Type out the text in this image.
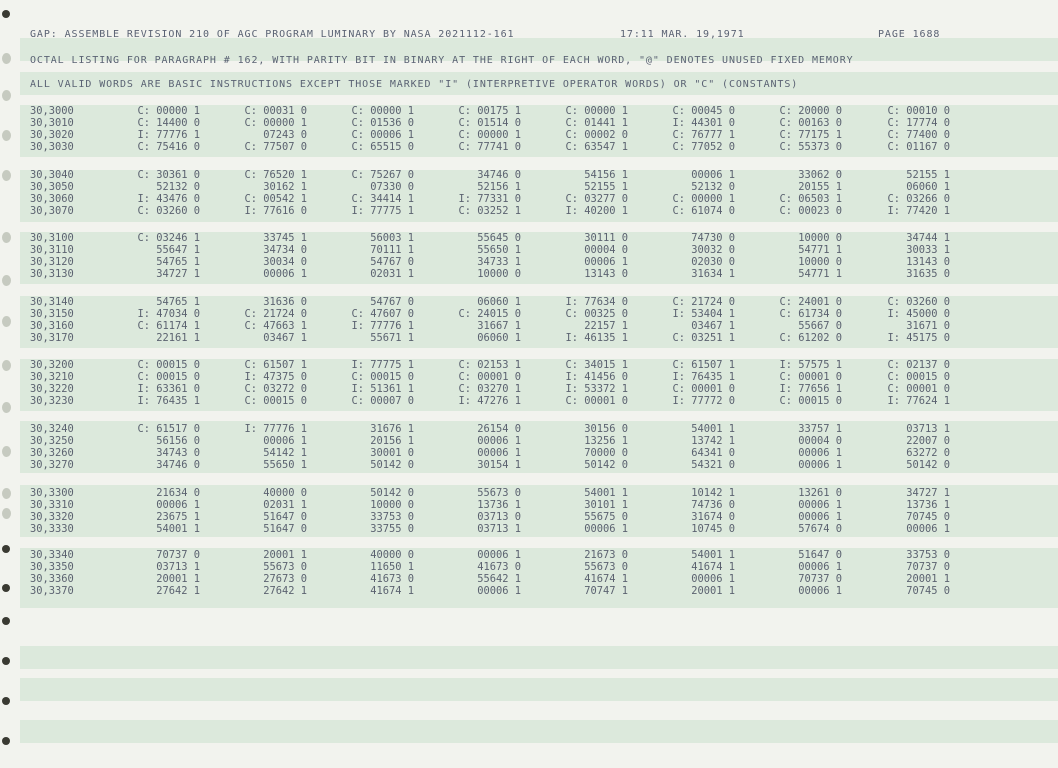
GAP: ASSEMBLE REVISION 210 OF AGC PROGRAM LUMINARY BY NASA 2021112-161	17:11 MAR. 19,1971	PAGE 1688
OCTAL LISTING FOR PARAGRAPH # 162, WITH PARITY BIT IN BINARY AT THE RIGHT OF EACH WORD, "@" DENOTES UNUSED FIXED MEMORY
ALL VALID WORDS ARE BASIC INSTRUCTIONS EXCEPT THOSE MARKED "I" (INTERPRETIVE OPERATOR WORDS) OR "C" (CONSTANTS)
30,3000	C: 00000 1	C: 00031 0	C: 00000 1	C: 00175 1	C: 00000 1	C: 00045 0	C: 20000 0	C: 00010 0
30,3010	C: 14400 0	C: 00000 1	C: 01536 0	C: 01514 0	C: 01441 1	I: 44301 0	C: 00163 0	C: 17774 0
30,3020	I: 77776 1	07243 0	C: 00006 1	C: 00000 1	C: 00002 0	C: 76777 1	C: 77175 1	C: 77400 0
30,3030	C: 75416 0	C: 77507 0	C: 65515 0	C: 77741 0	C: 63547 1	C: 77052 0	C: 55373 0	C: 01167 0
30,3040	C: 30361 0	C: 76520 1	C: 75267 0	34746 0	54156 1	00006 1	33062 0	52155 1
30,3050	52132 0	30162 1	07330 0	52156 1	52155 1	52132 0	20155 1	06060 1
30,3060	I: 43476 0	C: 00542 1	C: 34414 1	I: 77331 0	C: 03277 0	C: 00000 1	C: 06503 1	C: 03266 0
30,3070	C: 03260 0	I: 77616 0	I: 77775 1	C: 03252 1	I: 40200 1	C: 61074 0	C: 00023 0	I: 77420 1
30,3100	C: 03246 1	33745 1	56003 1	55645 0	30111 0	74730 0	10000 0	34744 1
30,3110	55647 1	34734 0	70111 1	55650 1	00004 0	30032 0	54771 1	30033 1
30,3120	54765 1	30034 0	54767 0	34733 1	00006 1	02030 0	10000 0	13143 0
30,3130	34727 1	00006 1	02031 1	10000 0	13143 0	31634 1	54771 1	31635 0
30,3140	54765 1	31636 0	54767 0	06060 1	I: 77634 0	C: 21724 0	C: 24001 0	C: 03260 0
30,3150	I: 47034 0	C: 21724 0	C: 47607 0	C: 24015 0	C: 00325 0	I: 53404 1	C: 61734 0	I: 45000 0
30,3160	C: 61174 1	C: 47663 1	I: 77776 1	31667 1	22157 1	03467 1	55667 0	31671 0
30,3170	22161 1	03467 1	55671 1	06060 1	I: 46135 1	C: 03251 1	C: 61202 0	I: 45175 0
30,3200	C: 00015 0	C: 61507 1	I: 77775 1	C: 02153 1	C: 34015 1	C: 61507 1	I: 57575 1	C: 02137 0
30,3210	C: 00015 0	I: 47375 0	C: 00015 0	C: 00001 0	I: 41456 0	I: 76435 1	C: 00001 0	C: 00015 0
30,3220	I: 63361 0	C: 03272 0	I: 51361 1	C: 03270 1	I: 53372 1	C: 00001 0	I: 77656 1	C: 00001 0
30,3230	I: 76435 1	C: 00015 0	C: 00007 0	I: 47276 1	C: 00001 0	I: 77772 0	C: 00015 0	I: 77624 1
30,3240	C: 61517 0	I: 77776 1	31676 1	26154 0	30156 0	54001 1	33757 1	03713 1
30,3250	56156 0	00006 1	20156 1	00006 1	13256 1	13742 1	00004 0	22007 0
30,3260	34743 0	54142 1	30001 0	00006 1	70000 0	64341 0	00006 1	63272 0
30,3270	34746 0	55650 1	50142 0	30154 1	50142 0	54321 0	00006 1	50142 0
30,3300	21634 0	40000 0	50142 0	55673 0	54001 1	10142 1	13261 0	34727 1
30,3310	00006 1	02031 1	10000 0	13736 1	30101 1	74736 0	00006 1	13736 1
30,3320	23675 1	51647 0	33753 0	03713 0	55675 0	31674 0	00006 1	70745 0
30,3330	54001 1	51647 0	33755 0	03713 1	00006 1	10745 0	57674 0	00006 1
30,3340	70737 0	20001 1	40000 0	00006 1	21673 0	54001 1	51647 0	33753 0
30,3350	03713 1	55673 0	11650 1	41673 0	55673 0	41674 1	00006 1	70737 0
30,3360	20001 1	27673 0	41673 0	55642 1	41674 1	00006 1	70737 0	20001 1
30,3370	27642 1	27642 1	41674 1	00006 1	70747 1	20001 1	00006 1	70745 0
